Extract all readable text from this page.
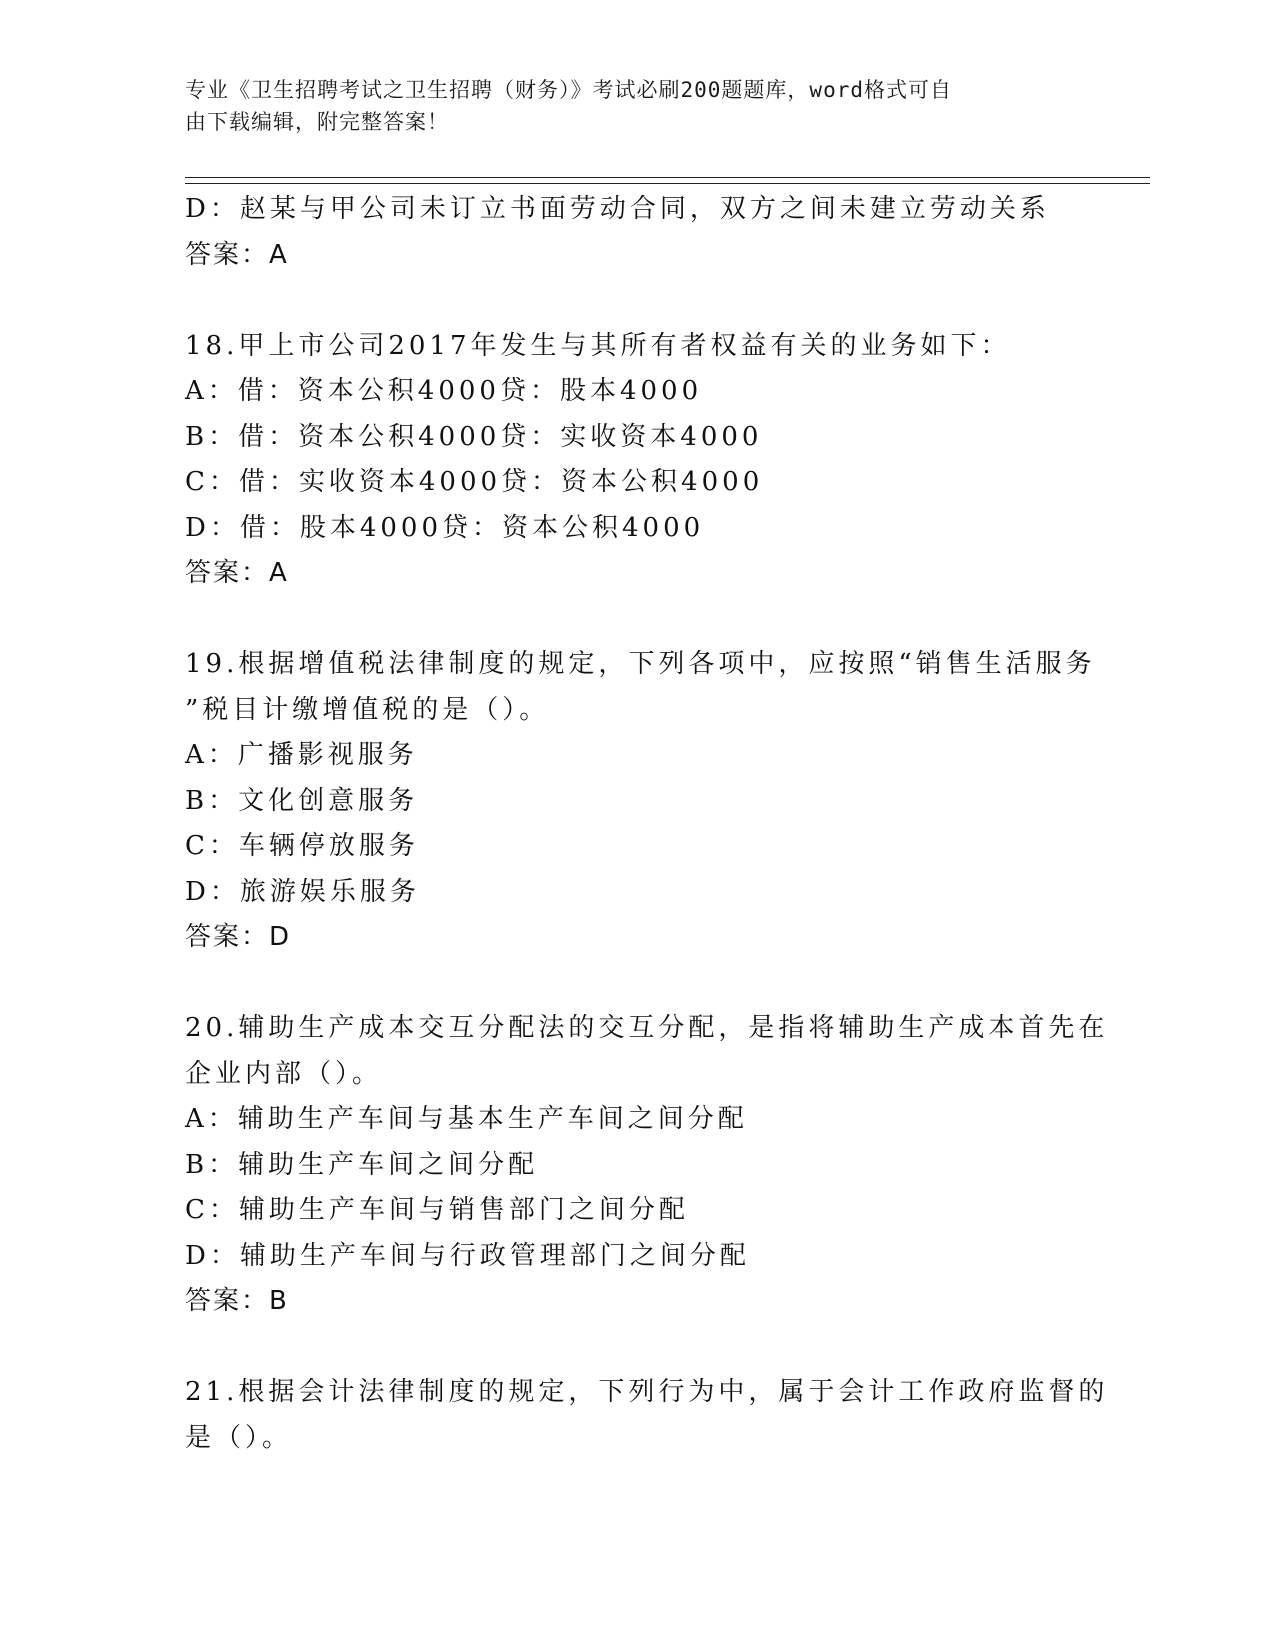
专业《卫生招聘考试之卫生招聘（财务）》考试必刷200题题库，word格式可自
由下载编辑，附完整答案！
D：赵某与甲公司未订立书面劳动合同，双方之间未建立劳动关系
答案：A
18.甲上市公司2017年发生与其所有者权益有关的业务如下：
A：借：资本公积4000贷：股本4000
B：借：资本公积4000贷：实收资本4000
C：借：实收资本4000贷：资本公积4000
D：借：股本4000贷：资本公积4000
答案：A
19.根据增值税法律制度的规定，下列各项中，应按照“销售生活服务
”税目计缴增值税的是（）。
A：广播影视服务
B：文化创意服务
C：车辆停放服务
D：旅游娱乐服务
答案：D
20.辅助生产成本交互分配法的交互分配，是指将辅助生产成本首先在
企业内部（）。
A：辅助生产车间与基本生产车间之间分配
B：辅助生产车间之间分配
C：辅助生产车间与销售部门之间分配
D：辅助生产车间与行政管理部门之间分配
答案：B
21.根据会计法律制度的规定，下列行为中，属于会计工作政府监督的
是（）。
